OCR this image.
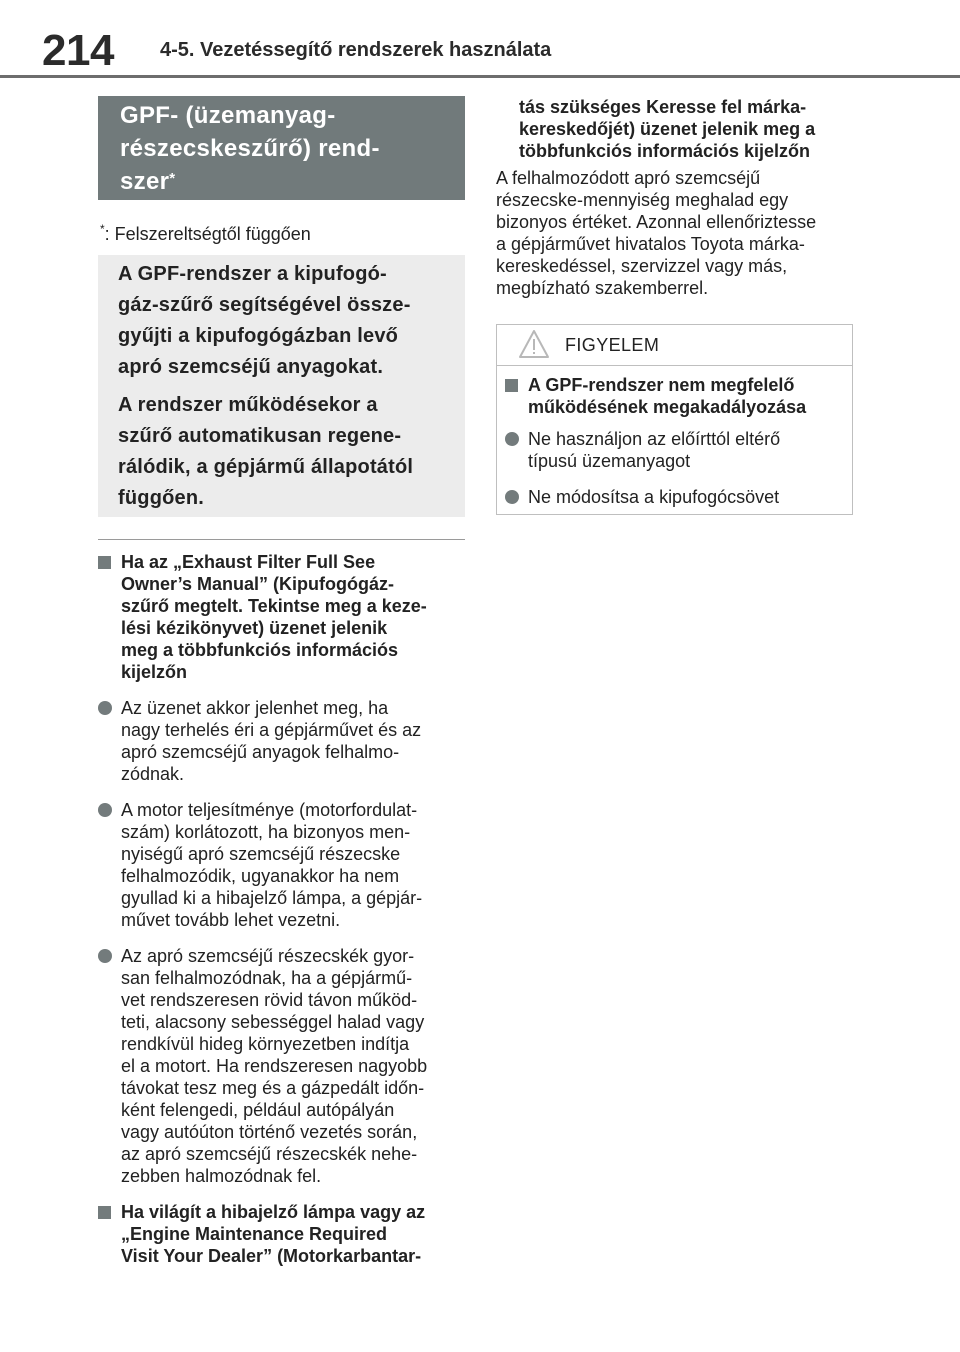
214 4-5. Vezetéssegítő rendszerek használata
GPF- (üzemanyag-
részecskeszűrő) rend-
szer*
*: Felszereltségtől függően

A GPF-rendszer a kipufogó-
gáz-szűrő segítségével össze-
gyűjti a kipufogógázban levő
apró szemcséjű anyagokat.

A rendszer működésekor a
szűrő automatikusan regene-
rálódik, a gépjármű állapotától
függően.

Ha az „Exhaust Filter Full See
Owner’s Manual” (Kipufogógáz-
szűrő megtelt. Tekintse meg a keze-
lési kézikönyvet) üzenet jelenik
meg a többfunkciós információs
kijelzőn
Az üzenet akkor jelenhet meg, ha
nagy terhelés éri a gépjárművet és az
apró szemcséjű anyagok felhalmo-
zódnak.
A motor teljesítménye (motorfordulat-
szám) korlátozott, ha bizonyos men-
nyiségű apró szemcséjű részecske
felhalmozódik, ugyanakkor ha nem
gyullad ki a hibajelző lámpa, a gépjár-
művet tovább lehet vezetni.
Az apró szemcséjű részecskék gyor-
san felhalmozódnak, ha a gépjármű-
vet rendszeresen rövid távon működ-
teti, alacsony sebességgel halad vagy
rendkívül hideg környezetben indítja
el a motort. Ha rendszeresen nagyobb
távokat tesz meg és a gázpedált időn-
ként felengedi, például autópályán
vagy autóúton történő vezetés során,
az apró szemcséjű részecskék nehe-
zebben halmozódnak fel.
Ha világít a hibajelző lámpa vagy az
„Engine Maintenance Required
Visit Your Dealer” (Motorkarbantar-
tás szükséges Keresse fel márka-
kereskedőjét) üzenet jelenik meg a
többfunkciós információs kijelzőn
A felhalmozódott apró szemcséjű
részecske-mennyiség meghalad egy
bizonyos értéket. Azonnal ellenőriztesse
a gépjárművet hivatalos Toyota márka-
kereskedéssel, szervizzel vagy más,
megbízható szakemberrel.
FIGYELEM
A GPF-rendszer nem megfelelő
működésének megakadályozása
Ne használjon az előírttól eltérő
típusú üzemanyagot
Ne módosítsa a kipufogócsövet
